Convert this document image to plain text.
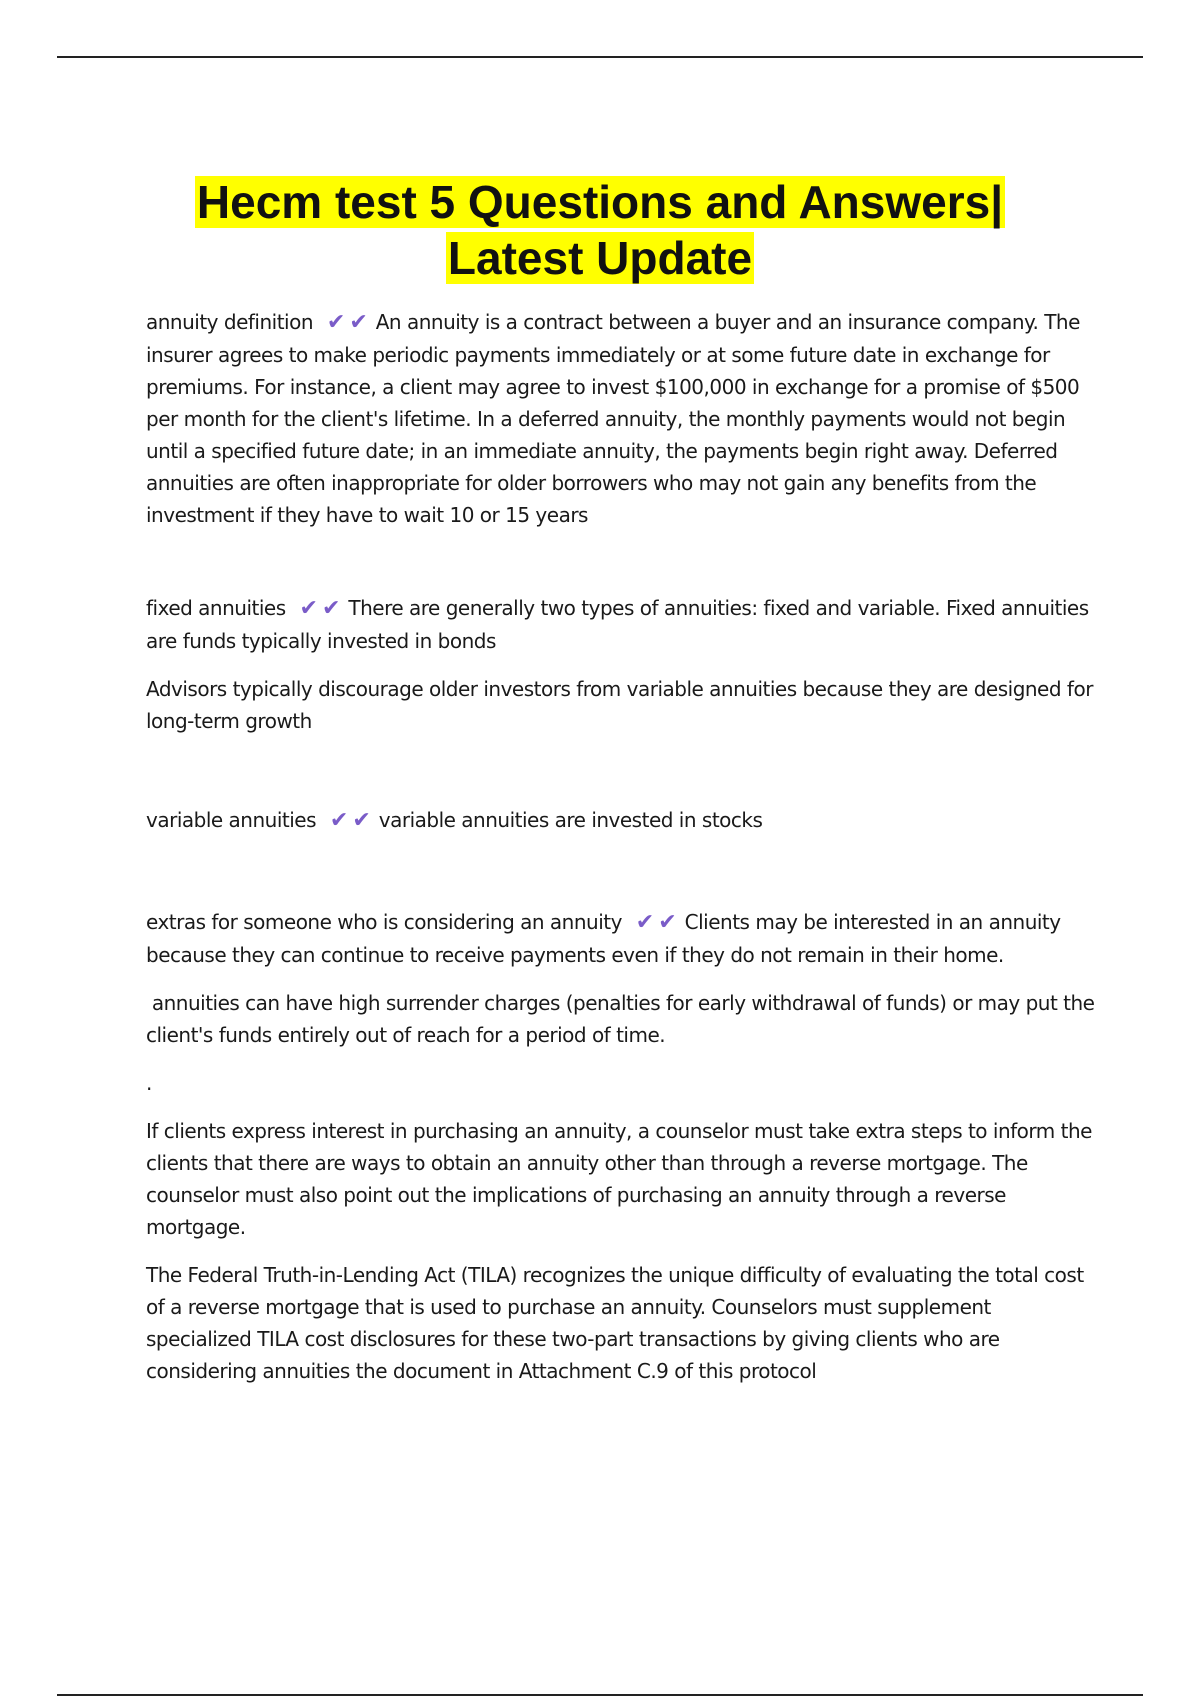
Hecm test 5 Questions and Answers|
Latest Update

annuity definition ✔✔ An annuity is a contract between a buyer and an insurance company. The insurer agrees to make periodic payments immediately or at some future date in exchange for premiums. For instance, a client may agree to invest $100,000 in exchange for a promise of $500 per month for the client's lifetime. In a deferred annuity, the monthly payments would not begin until a specified future date; in an immediate annuity, the payments begin right away. Deferred annuities are often inappropriate for older borrowers who may not gain any benefits from the investment if they have to wait 10 or 15 years

fixed annuities ✔✔ There are generally two types of annuities: fixed and variable. Fixed annuities are funds typically invested in bonds

Advisors typically discourage older investors from variable annuities because they are designed for long-term growth

variable annuities ✔✔ variable annuities are invested in stocks

extras for someone who is considering an annuity ✔✔ Clients may be interested in an annuity because they can continue to receive payments even if they do not remain in their home.

annuities can have high surrender charges (penalties for early withdrawal of funds) or may put the client's funds entirely out of reach for a period of time.

.

If clients express interest in purchasing an annuity, a counselor must take extra steps to inform the clients that there are ways to obtain an annuity other than through a reverse mortgage. The counselor must also point out the implications of purchasing an annuity through a reverse mortgage.

The Federal Truth-in-Lending Act (TILA) recognizes the unique difficulty of evaluating the total cost of a reverse mortgage that is used to purchase an annuity. Counselors must supplement specialized TILA cost disclosures for these two-part transactions by giving clients who are considering annuities the document in Attachment C.9 of this protocol
